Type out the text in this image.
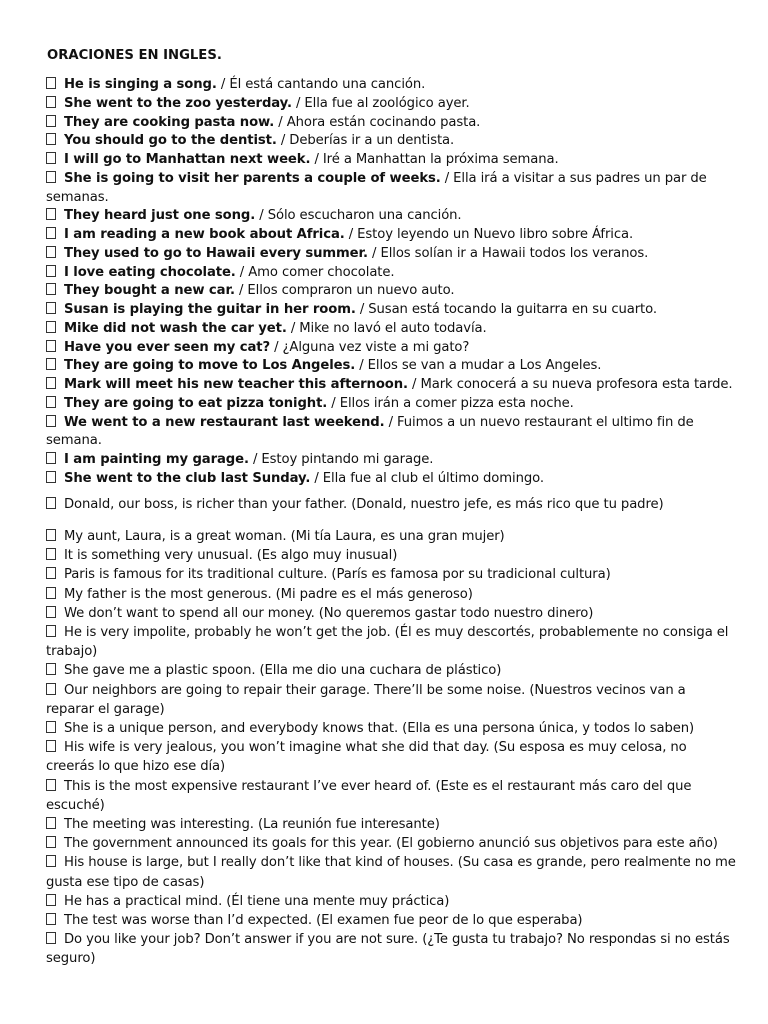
ORACIONES EN INGLES.

He is singing a song. / Él está cantando una canción.

She went to the zoo yesterday. / Ella fue al zoológico ayer.

They are cooking pasta now. / Ahora están cocinando pasta.

You should go to the dentist. / Deberías ir a un dentista.

I will go to Manhattan next week. / Iré a Manhattan la próxima semana.

She is going to visit her parents a couple of weeks. / Ella irá a visitar a sus padres un par de semanas.

They heard just one song. / Sólo escucharon una canción.

I am reading a new book about Africa. / Estoy leyendo un Nuevo libro sobre África.

They used to go to Hawaii every summer. / Ellos solían ir a Hawaii todos los veranos.

I love eating chocolate. / Amo comer chocolate.

They bought a new car. / Ellos compraron un nuevo auto.

Susan is playing the guitar in her room. / Susan está tocando la guitarra en su cuarto.

Mike did not wash the car yet. / Mike no lavó el auto todavía.

Have you ever seen my cat? / ¿Alguna vez viste a mi gato?

They are going to move to Los Angeles. / Ellos se van a mudar a Los Angeles.

Mark will meet his new teacher this afternoon. / Mark conocerá a su nueva profesora esta tarde.

They are going to eat pizza tonight. / Ellos irán a comer pizza esta noche.

We went to a new restaurant last weekend. / Fuimos a un nuevo restaurant el ultimo fin de semana.

I am painting my garage. / Estoy pintando mi garage.

She went to the club last Sunday. / Ella fue al club el último domingo.

Donald, our boss, is richer than your father. (Donald, nuestro jefe, es más rico que tu padre)

My aunt, Laura, is a great woman. (Mi tía Laura, es una gran mujer)

It is something very unusual. (Es algo muy inusual)

Paris is famous for its traditional culture. (París es famosa por su tradicional cultura)

My father is the most generous. (Mi padre es el más generoso)

We don’t want to spend all our money. (No queremos gastar todo nuestro dinero)

He is very impolite, probably he won’t get the job. (Él es muy descortés, probablemente no consiga el trabajo)

She gave me a plastic spoon. (Ella me dio una cuchara de plástico)

Our neighbors are going to repair their garage. There’ll be some noise. (Nuestros vecinos van a reparar el garage)

She is a unique person, and everybody knows that. (Ella es una persona única, y todos lo saben)

His wife is very jealous, you won’t imagine what she did that day. (Su esposa es muy celosa, no creerás lo que hizo ese día)

This is the most expensive restaurant I’ve ever heard of. (Este es el restaurant más caro del que escuché)

The meeting was interesting. (La reunión fue interesante)

The government announced its goals for this year. (El gobierno anunció sus objetivos para este año)

His house is large, but I really don’t like that kind of houses. (Su casa es grande, pero realmente no me gusta ese tipo de casas)

He has a practical mind. (Él tiene una mente muy práctica)

The test was worse than I’d expected. (El examen fue peor de lo que esperaba)

Do you like your job? Don’t answer if you are not sure. (¿Te gusta tu trabajo? No respondas si no estás seguro)
